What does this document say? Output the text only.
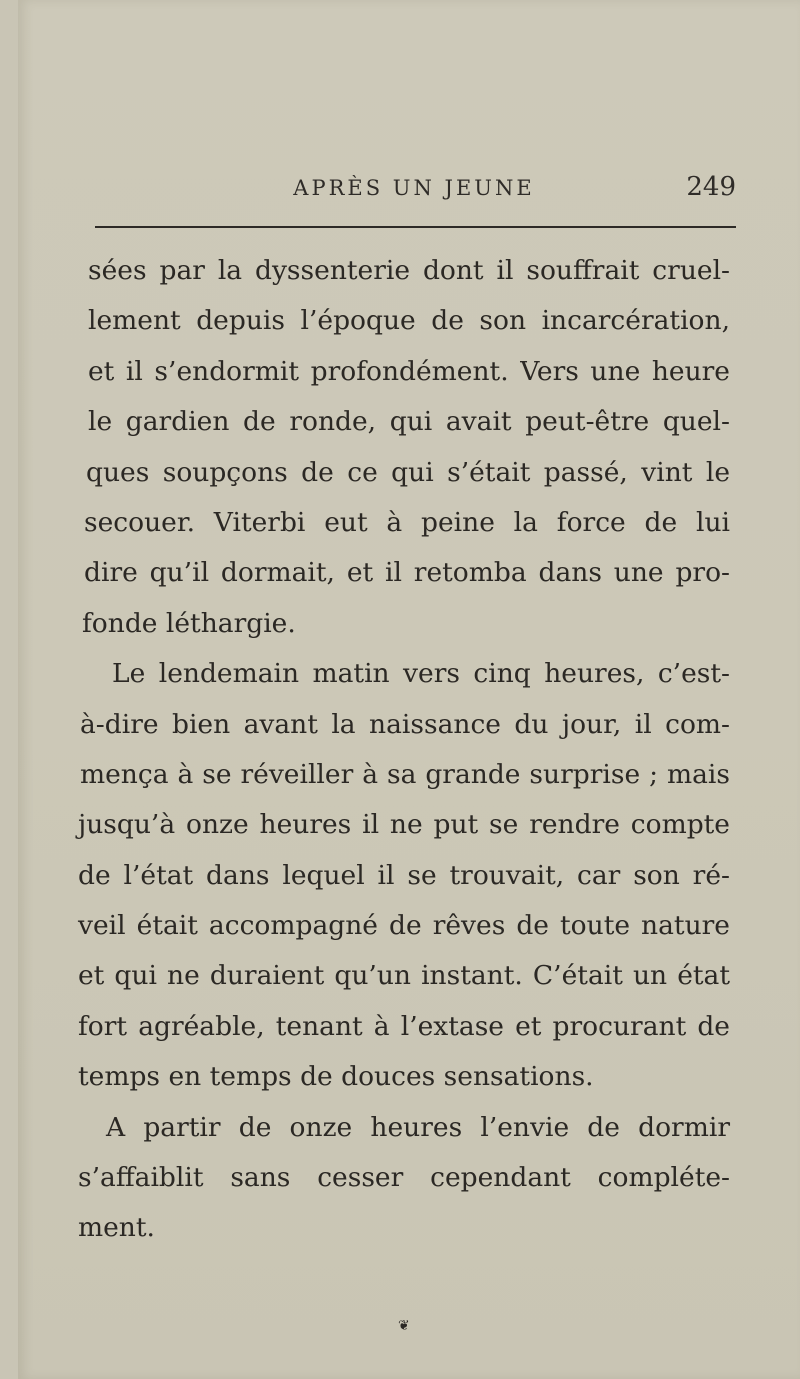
APRÈS UN JEUNE	249
sées par la dyssenterie dont il souffrait cruel-
lement depuis l’époque de son incarcération,
et il s’endormit profondément. Vers une heure
le gardien de ronde, qui avait peut-être quel-
ques soupçons de ce qui s’était passé, vint le
secouer. Viterbi eut à peine la force de lui
dire qu’il dormait, et il retomba dans une pro-
fonde léthargie.
Le lendemain matin vers cinq heures, c’est-
à-dire bien avant la naissance du jour, il com-
mença à se réveiller à sa grande surprise ; mais
jusqu’à onze heures il ne put se rendre compte
de l’état dans lequel il se trouvait, car son ré-
veil était accompagné de rêves de toute nature
et qui ne duraient qu’un instant. C’était un état
fort agréable, tenant à l’extase et procurant de
temps en temps de douces sensations.
A partir de onze heures l’envie de dormir
s’affaiblit sans cesser cependant compléte-
ment.
❦
